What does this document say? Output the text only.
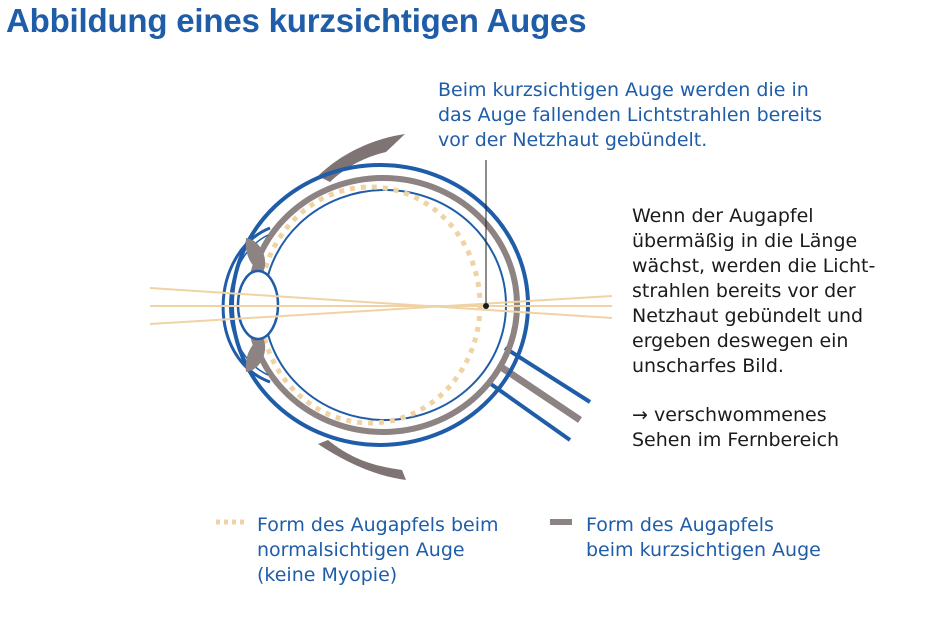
Abbildung eines kurzsichtigen Auges
Beim kurzsichtigen Auge werden die in
das Auge fallenden Lichtstrahlen bereits
vor der Netzhaut gebündelt.
Wenn der Augapfel
übermäßig in die Länge
wächst, werden die Licht-
strahlen bereits vor der
Netzhaut gebündelt und
ergeben deswegen ein
unscharfes Bild.
→ verschwommenes
Sehen im Fernbereich
Form des Augapfels beim
normalsichtigen Auge
(keine Myopie)
Form des Augapfels
beim kurzsichtigen Auge
